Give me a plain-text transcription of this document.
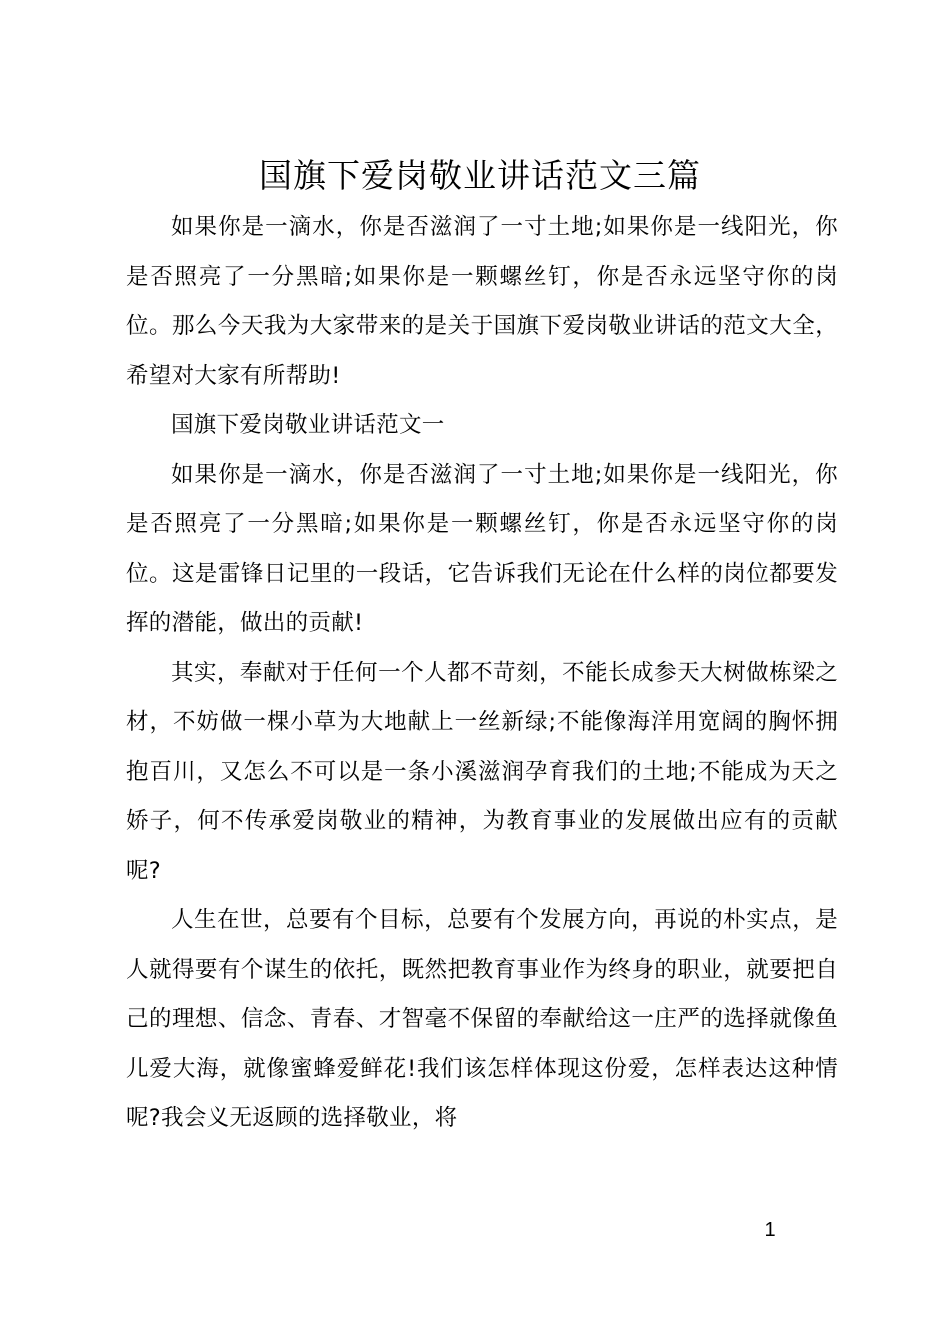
国旗下爱岗敬业讲话范文三篇

如果你是一滴水，你是否滋润了一寸土地;如果你是一线阳光，你是否照亮了一分黑暗;如果你是一颗螺丝钉，你是否永远坚守你的岗位。那么今天我为大家带来的是关于国旗下爱岗敬业讲话的范文大全，希望对大家有所帮助!

国旗下爱岗敬业讲话范文一

如果你是一滴水，你是否滋润了一寸土地;如果你是一线阳光，你是否照亮了一分黑暗;如果你是一颗螺丝钉，你是否永远坚守你的岗位。这是雷锋日记里的一段话，它告诉我们无论在什么样的岗位都要发挥的潜能，做出的贡献!

其实，奉献对于任何一个人都不苛刻，不能长成参天大树做栋梁之材，不妨做一棵小草为大地献上一丝新绿;不能像海洋用宽阔的胸怀拥抱百川，又怎么不可以是一条小溪滋润孕育我们的土地;不能成为天之娇子，何不传承爱岗敬业的精神，为教育事业的发展做出应有的贡献呢?

人生在世，总要有个目标，总要有个发展方向，再说的朴实点，是人就得要有个谋生的依托，既然把教育事业作为终身的职业，就要把自己的理想、信念、青春、才智毫不保留的奉献给这一庄严的选择就像鱼儿爱大海，就像蜜蜂爱鲜花!我们该怎样体现这份爱，怎样表达这种情呢?我会义无返顾的选择敬业，将

1
